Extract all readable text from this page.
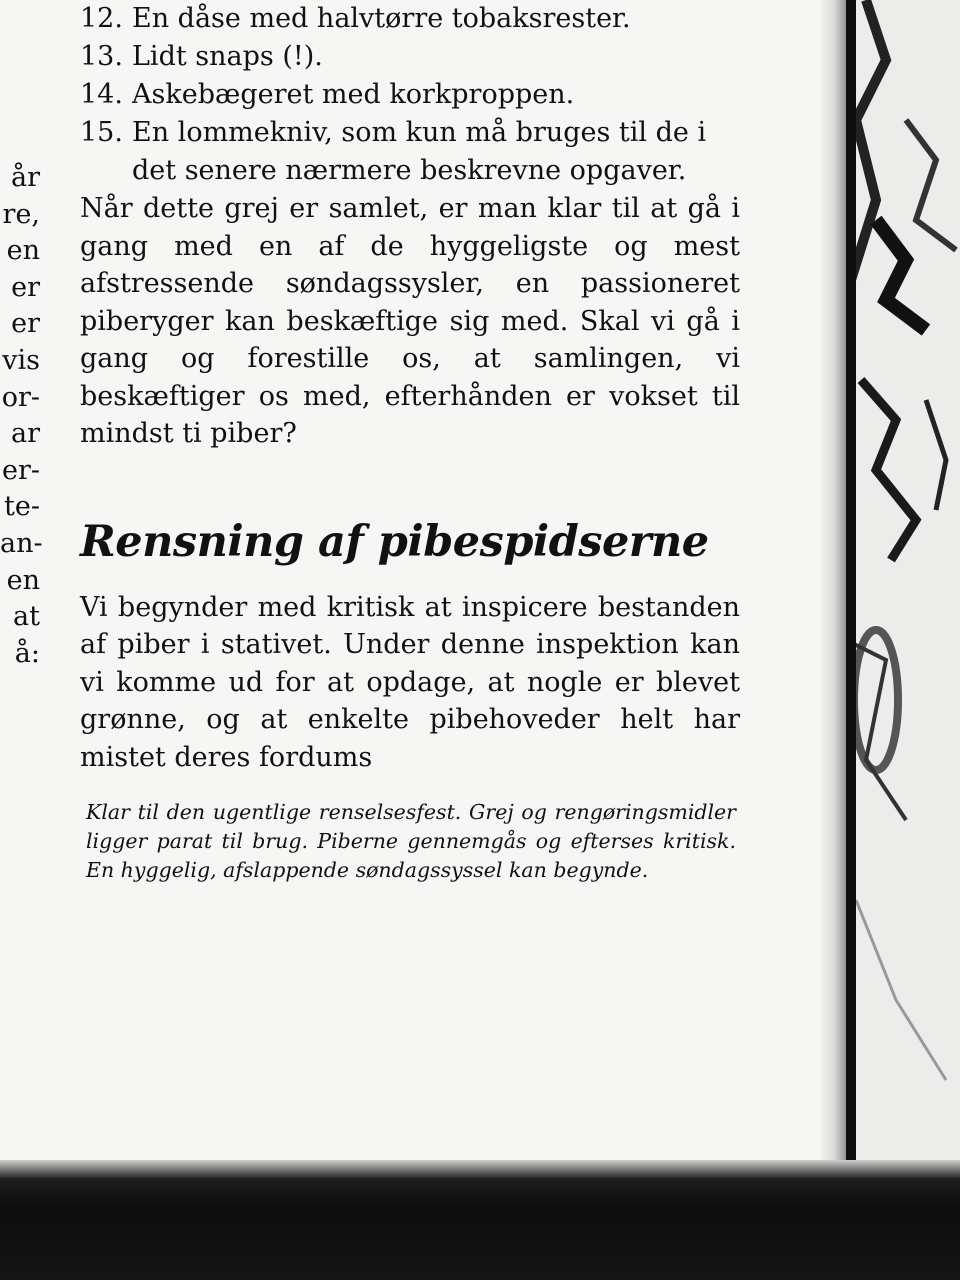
år
re,
en
er
er
vis
or-
ar
er-
te-
an-
en
at
å:
12. En dåse med halvtørre tobaksrester.
13. Lidt snaps (!).
14. Askebægeret med korkproppen.
15. En lommekniv, som kun må bruges til de i det senere nærmere beskrevne opgaver.

Når dette grej er samlet, er man klar til at gå i gang med en af de hyggeligste og mest afstressende søndagssysler, en passioneret piberyger kan beskæftige sig med. Skal vi gå i gang og forestille os, at samlingen, vi beskæftiger os med, efterhånden er vokset til mindst ti piber?

Rensning af pibespidserne

Vi begynder med kritisk at inspicere bestanden af piber i stativet. Under denne inspektion kan vi komme ud for at opdage, at nogle er blevet grønne, og at enkelte pibehoveder helt har mistet deres fordums

Klar til den ugentlige renselsesfest. Grej og rengøringsmidler ligger parat til brug. Piberne gennemgås og efterses kritisk. En hyggelig, afslappende søndagssyssel kan begynde.
